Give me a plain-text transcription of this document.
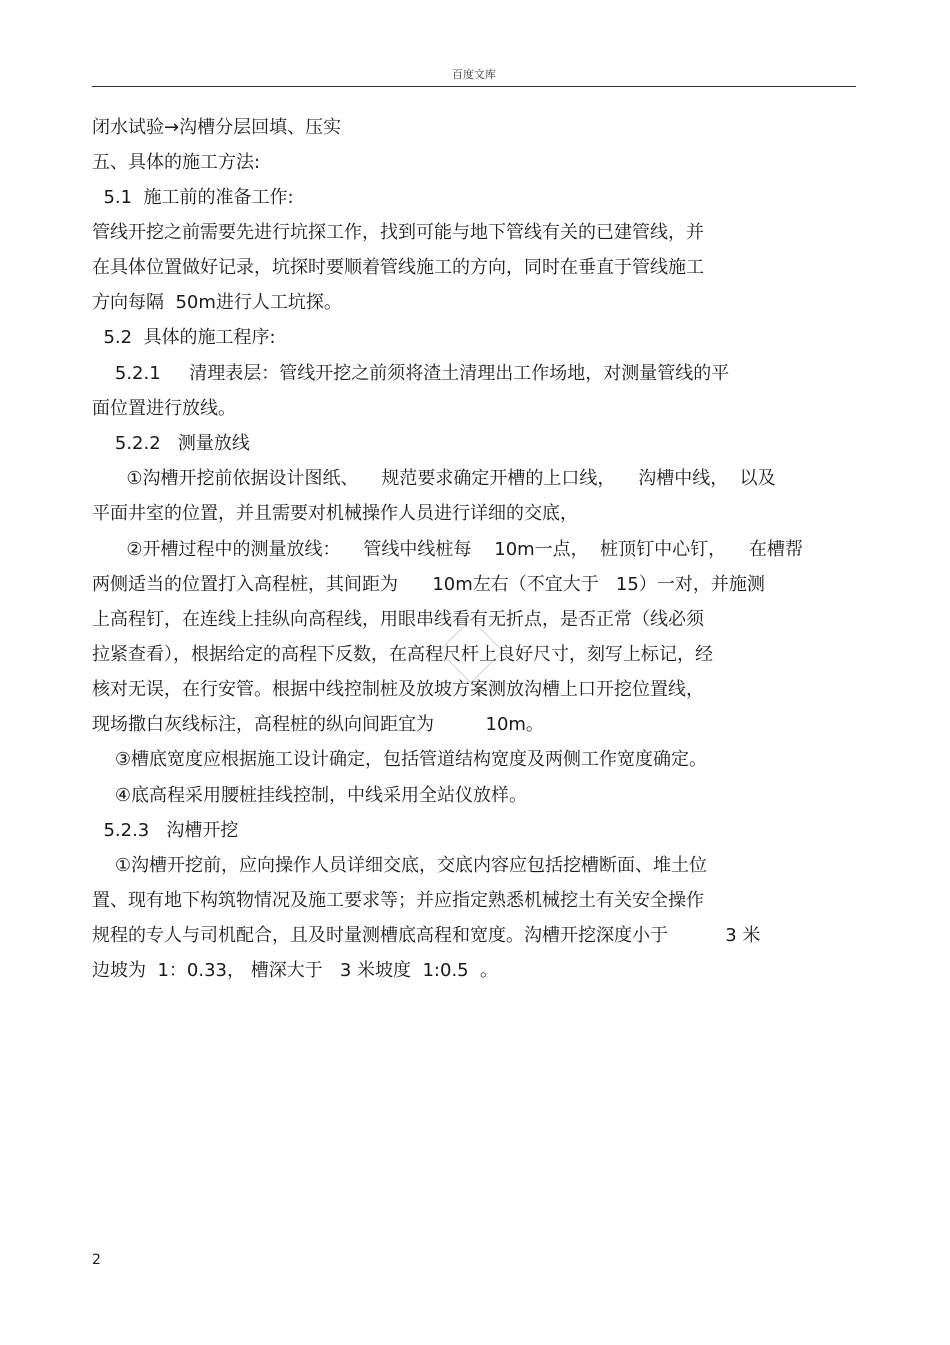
百度文库
闭水试验→沟槽分层回填、压实
五、具体的施工方法:
5.1  施工前的准备工作:
管线开挖之前需要先进行坑探工作，找到可能与地下管线有关的已建管线，并
在具体位置做好记录，坑探时要顺着管线施工的方向，同时在垂直于管线施工
方向每隔  50m进行人工坑探。
5.2  具体的施工程序:
5.2.1     清理表层：管线开挖之前须将渣土清理出工作场地，对测量管线的平
面位置进行放线。
5.2.2   测量放线
①沟槽开挖前依据设计图纸、    规范要求确定开槽的上口线，    沟槽中线，  以及
平面井室的位置，并且需要对机械操作人员进行详细的交底，
②开槽过程中的测量放线：    管线中线桩每    10m一点，  桩顶钉中心钉，    在槽帮
两侧适当的位置打入高程桩，其间距为      10m左右（不宜大于   15）一对，并施测
上高程钉，在连线上挂纵向高程线，用眼串线看有无折点，是否正常（线必须
拉紧查看），根据给定的高程下反数，在高程尺杆上良好尺寸，刻写上标记，经
核对无误，在行安管。根据中线控制桩及放坡方案测放沟槽上口开挖位置线，
现场撒白灰线标注，高程桩的纵向间距宜为         10m。
③槽底宽度应根据施工设计确定，包括管道结构宽度及两侧工作宽度确定。
④底高程采用腰桩挂线控制，中线采用全站仪放样。
5.2.3   沟槽开挖
①沟槽开挖前，应向操作人员详细交底，交底内容应包括挖槽断面、堆土位
置、现有地下构筑物情况及施工要求等；并应指定熟悉机械挖土有关安全操作
规程的专人与司机配合，且及时量测槽底高程和宽度。沟槽开挖深度小于          3 米
边坡为  1：0.33， 槽深大于   3 米坡度  1:0.5  。
2
